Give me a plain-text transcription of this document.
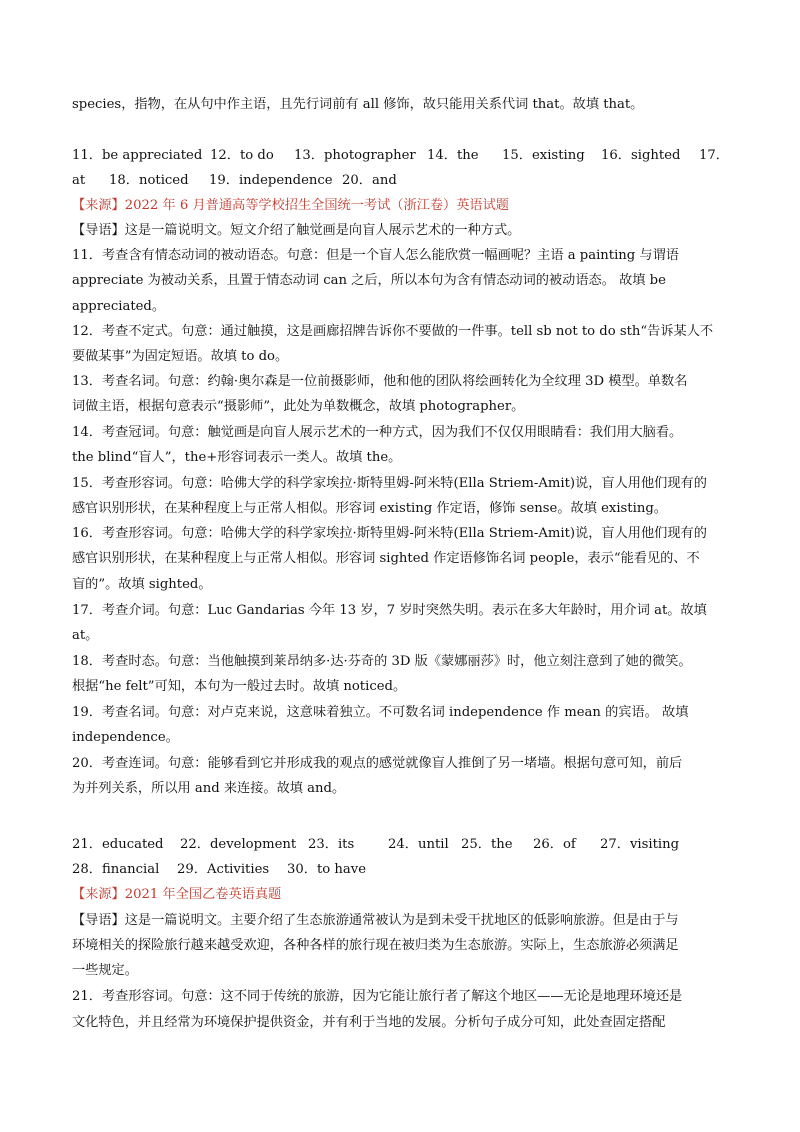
species，指物，在从句中作主语，且先行词前有 all 修饰，故只能用关系代词 that。故填 that。
11．be appreciated 12．to do 13．photographer 14．the 15．existing 16．sighted 17．
at 18．noticed 19．independence 20．and
【来源】2022 年 6 月普通高等学校招生全国统一考试（浙江卷）英语试题
【导语】这是一篇说明文。短文介绍了触觉画是向盲人展示艺术的一种方式。
11．考查含有情态动词的被动语态。句意：但是一个盲人怎么能欣赏一幅画呢？主语 a painting 与谓语
appreciate 为被动关系，且置于情态动词 can 之后，所以本句为含有情态动词的被动语态。 故填 be
appreciated。
12．考查不定式。句意：通过触摸，这是画廊招牌告诉你不要做的一件事。tell sb not to do sth“告诉某人不
要做某事”为固定短语。故填 to do。
13．考查名词。句意：约翰·奥尔森是一位前摄影师，他和他的团队将绘画转化为全纹理 3D 模型。单数名
词做主语，根据句意表示“摄影师”，此处为单数概念，故填 photographer。
14．考查冠词。句意：触觉画是向盲人展示艺术的一种方式，因为我们不仅仅用眼睛看：我们用大脑看。
the blind“盲人”，the+形容词表示一类人。故填 the。
15．考查形容词。句意：哈佛大学的科学家埃拉·斯特里姆-阿米特(Ella Striem-Amit)说，盲人用他们现有的
感官识别形状，在某种程度上与正常人相似。形容词 existing 作定语，修饰 sense。故填 existing。
16．考查形容词。句意：哈佛大学的科学家埃拉·斯特里姆-阿米特(Ella Striem-Amit)说，盲人用他们现有的
感官识别形状，在某种程度上与正常人相似。形容词 sighted 作定语修饰名词 people，表示“能看见的、不
盲的”。故填 sighted。
17．考查介词。句意：Luc Gandarias 今年 13 岁，7 岁时突然失明。表示在多大年龄时，用介词 at。故填
at。
18．考查时态。句意：当他触摸到莱昂纳多·达·芬奇的 3D 版《蒙娜丽莎》时，他立刻注意到了她的微笑。
根据“he felt”可知，本句为一般过去时。故填 noticed。
19．考查名词。句意：对卢克来说，这意味着独立。不可数名词 independence 作 mean 的宾语。 故填
independence。
20．考查连词。句意：能够看到它并形成我的观点的感觉就像盲人推倒了另一堵墙。根据句意可知，前后
为并列关系，所以用 and 来连接。故填 and。
21．educated 22．development 23．its	24．until 25．the 26．of 27．visiting
28．financial 29．Activities 30．to have
【来源】2021 年全国乙卷英语真题
【导语】这是一篇说明文。主要介绍了生态旅游通常被认为是到未受干扰地区的低影响旅游。但是由于与
环境相关的探险旅行越来越受欢迎，各种各样的旅行现在被归类为生态旅游。实际上，生态旅游必须满足
一些规定。
21．考查形容词。句意：这不同于传统的旅游，因为它能让旅行者了解这个地区——无论是地理环境还是
文化特色，并且经常为环境保护提供资金，并有利于当地的发展。分析句子成分可知，此处查固定搭配
